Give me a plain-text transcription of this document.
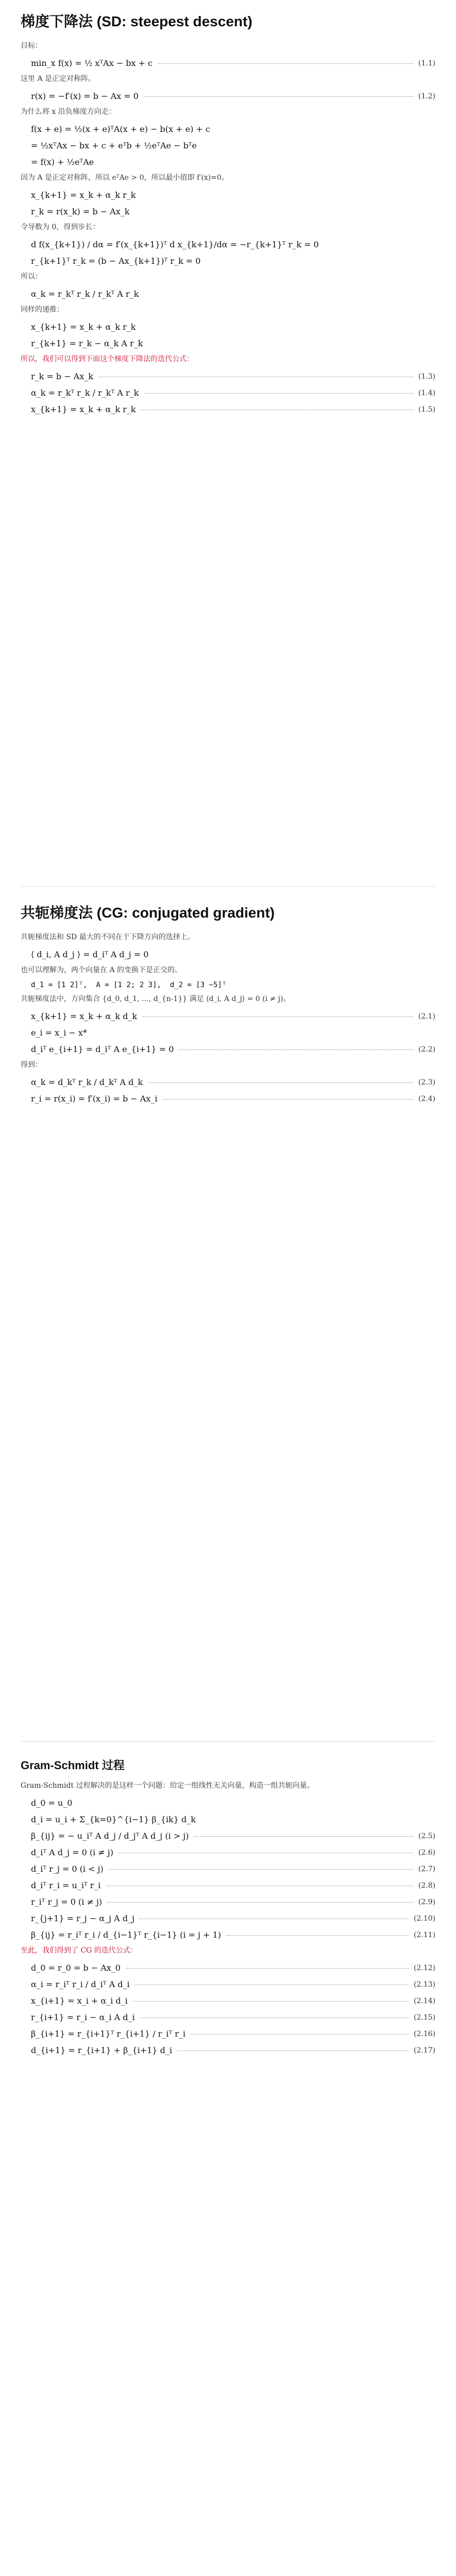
梯度下降法 (SD: steepest descent)
目标：
min_x f(x) = ½ xᵀAx − bx + c	(1.1)
这里 A 是正定对称阵。
r(x) = −f′(x) = b − Ax = 0	(1.2)
为什么将 x 沿负梯度方向走：
f(x + e) = ½(x + e)ᵀA(x + e) − b(x + e) + c
= ½xᵀAx − bx + c + eᵀb + ½eᵀAe − bᵀe
= f(x) + ½eᵀAe
因为 A 是正定对称阵，所以 eᵀAe > 0，所以最小值即 f′(x)=0。
x_{k+1} = x_k + α_k r_k
r_k = r(x_k) = b − Ax_k
令导数为 0，得到步长：
d f(x_{k+1}) / dα = f′(x_{k+1})ᵀ d x_{k+1}/dα = −r_{k+1}ᵀ r_k = 0
r_{k+1}ᵀ r_k = (b − Ax_{k+1})ᵀ r_k = 0
所以：
α_k = r_kᵀ r_k / r_kᵀ A r_k
同样的递推：
x_{k+1} = x_k + α_k r_k
r_{k+1} = r_k − α_k A r_k
所以，我们可以得到下面这个梯度下降法的迭代公式：
r_k = b − Ax_k	(1.3)
α_k = r_kᵀ r_k / r_kᵀ A r_k	(1.4)
x_{k+1} = x_k + α_k r_k	(1.5)
共轭梯度法 (CG: conjugated gradient)
共轭梯度法和 SD 最大的不同在于下降方向的选择上。
⟨ d_i, A d_j ⟩ = d_iᵀ A d_j = 0
也可以理解为，两个向量在 A 的变换下是正交的。
d_1 = [1 2]ᵀ,  A = [1 2; 2 3],  d_2 = [3 −5]ᵀ
共轭梯度法中，方向集合 {d_0, d_1, …, d_{n-1}} 满足 ⟨d_i, A d_j⟩ = 0 (i ≠ j)。
x_{k+1} = x_k + α_k d_k	(2.1)
e_i = x_i − x*
d_iᵀ e_{i+1} = d_iᵀ A e_{i+1} = 0	(2.2)
得到：
α_k = d_kᵀ r_k / d_kᵀ A d_k	(2.3)
r_i = r(x_i) = f′(x_i) = b − Ax_i	(2.4)
Gram-Schmidt 过程
Gram-Schmidt 过程解决的是这样一个问题：给定一组线性无关向量，构造一组共轭向量。
d_0 = u_0
d_i = u_i + Σ_{k=0}^{i−1} β_{ik} d_k
β_{ij} = − u_iᵀ A d_j / d_jᵀ A d_j (i > j)	(2.5)
d_iᵀ A d_j = 0 (i ≠ j)	(2.6)
d_iᵀ r_j = 0 (i < j)	(2.7)
d_iᵀ r_i = u_iᵀ r_i	(2.8)
r_iᵀ r_j = 0 (i ≠ j)	(2.9)
r_{j+1} = r_j − α_j A d_j	(2.10)
β_{ij} = r_iᵀ r_i / d_{i−1}ᵀ r_{i−1} (i = j + 1)	(2.11)
至此，我们得到了 CG 的迭代公式：
d_0 = r_0 = b − Ax_0	(2.12)
α_i = r_iᵀ r_i / d_iᵀ A d_i	(2.13)
x_{i+1} = x_i + α_i d_i	(2.14)
r_{i+1} = r_i − α_i A d_i	(2.15)
β_{i+1} = r_{i+1}ᵀ r_{i+1} / r_iᵀ r_i	(2.16)
d_{i+1} = r_{i+1} + β_{i+1} d_i	(2.17)
